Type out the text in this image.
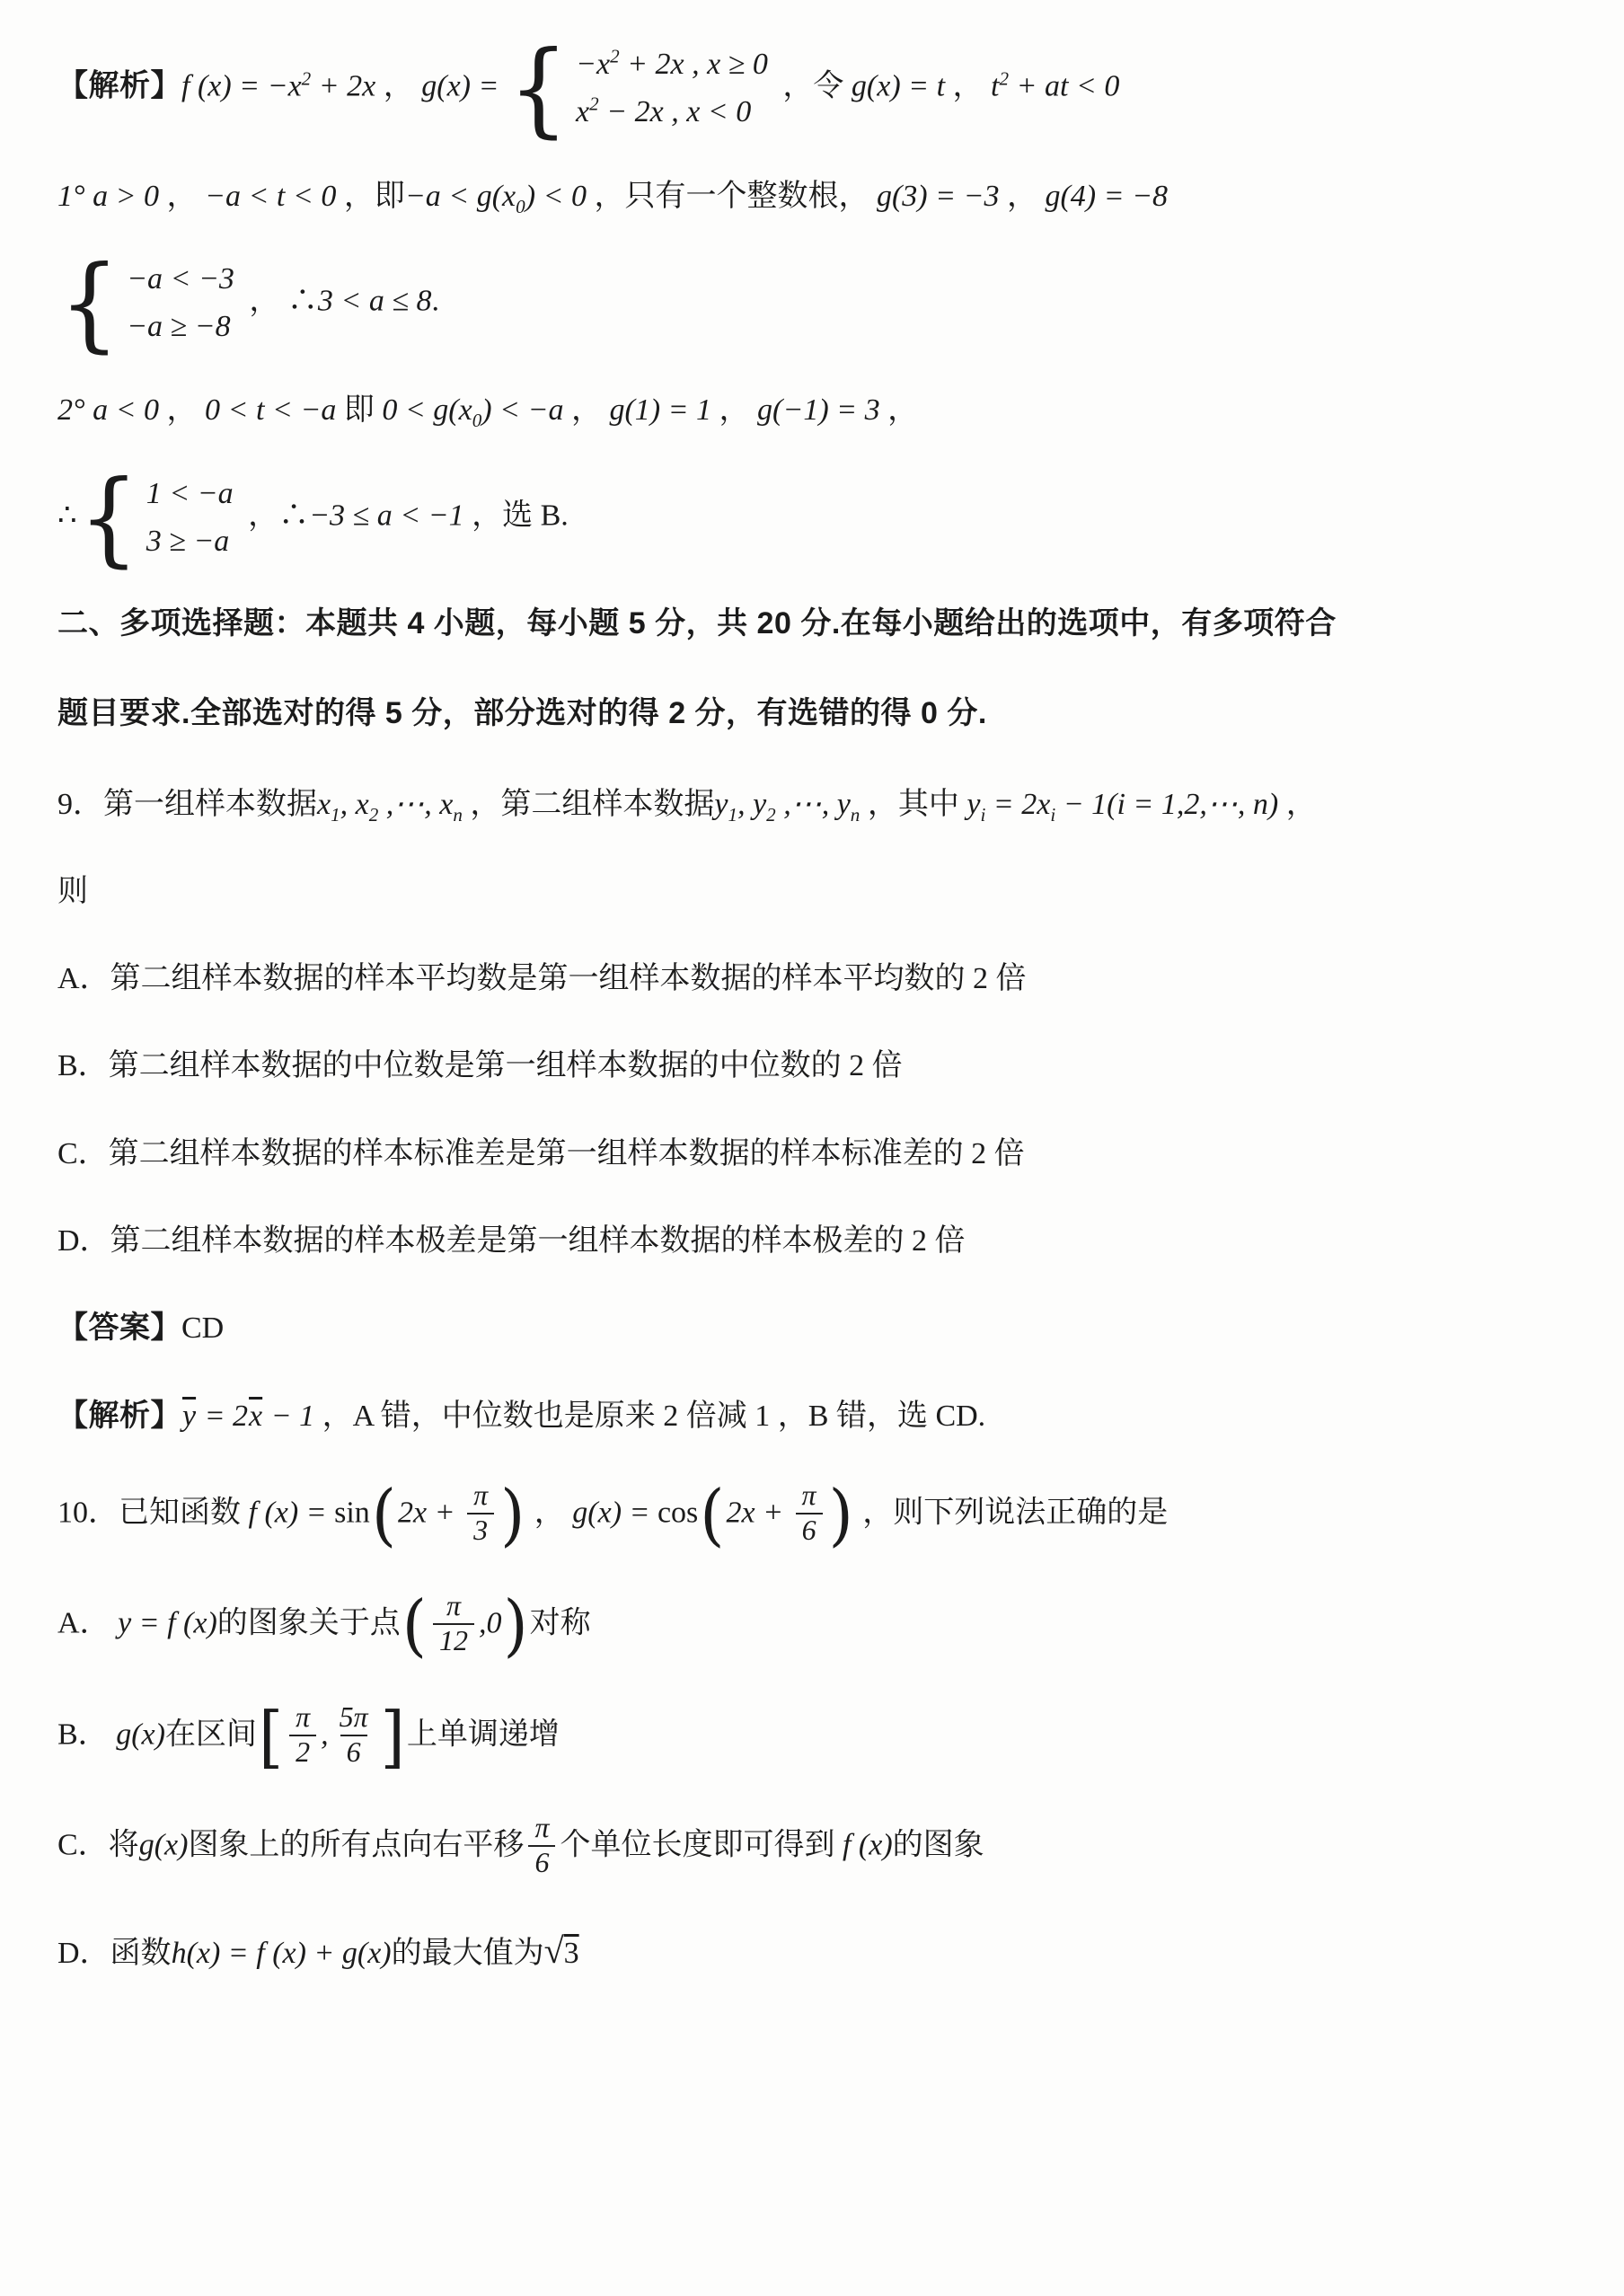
【解析】f $(x) = -x^2 + 2x$ ， g(x) = { $-x^2 + 2x$ , x ≥ 0
$x^2 - 2x$ , x < 0
，令 g(x) = t ， $t^2$ + at < 0
1° a > 0 ， −a < t < 0 ，即$-a < g(x_0) < 0$ ，只有一个整数根， g(3) = −3 ， g(4) = −8
{ −a < −3
−a ≥ −8
， ∴3 < a ≤ 8.
2° a < 0 ， 0 < t < −a 即 $0 < g(x_0) < -a$ ， g(1) = 1 ， g(−1) = 3 ，
∴ { 1 < −a
3 ≥ −a
，∴−3 ≤ a < −1 ，选 B.
二、多项选择题：本题共 4 小题，每小题 5 分，共 20 分.在每小题给出的选项中，有多项符合
题目要求.全部选对的得 5 分，部分选对的得 2 分，有选错的得 0 分.
9．第一组样本数据$x_1$, $x_2$ ,⋯, $x_n$ ，第二组样本数据$y_1$, $y_2$ ,⋯, $y_n$ ，其中 $y_i = 2x_i - 1(i$ = 1,2,⋯, n) ，
则
A．第二组样本数据的样本平均数是第一组样本数据的样本平均数的 2 倍
B．第二组样本数据的中位数是第一组样本数据的中位数的 2 倍
C．第二组样本数据的样本标准差是第一组样本数据的样本标准差的 2 倍
D．第二组样本数据的样本极差是第一组样本数据的样本极差的 2 倍
【答案】CD
【解析】$\overline{y} = 2\overline{x} - 1$ ，A 错，中位数也是原来 2 倍减 1 ，B 错，选 CD.
10．已知函数 f $(x) = \sin(2x + \frac{\pi}{3}$ ) ， $g(x) = \cos(2x + \frac{\pi}{6}$ ) ，则下列说法正确的是
A． y = f (x)的图象关于点( $\frac{\pi}{12} ,0$)对称
B． g(x)在区间[ $\frac{\pi}{2}$ , $\frac{5\pi}{6}$ ]上单调递增
C．将g(x)图象上的所有点向右平移 $\frac{\pi}{6}$ 个单位长度即可得到 f (x)的图象
D．函数h(x) = f (x) + g(x)的最大值为√3
